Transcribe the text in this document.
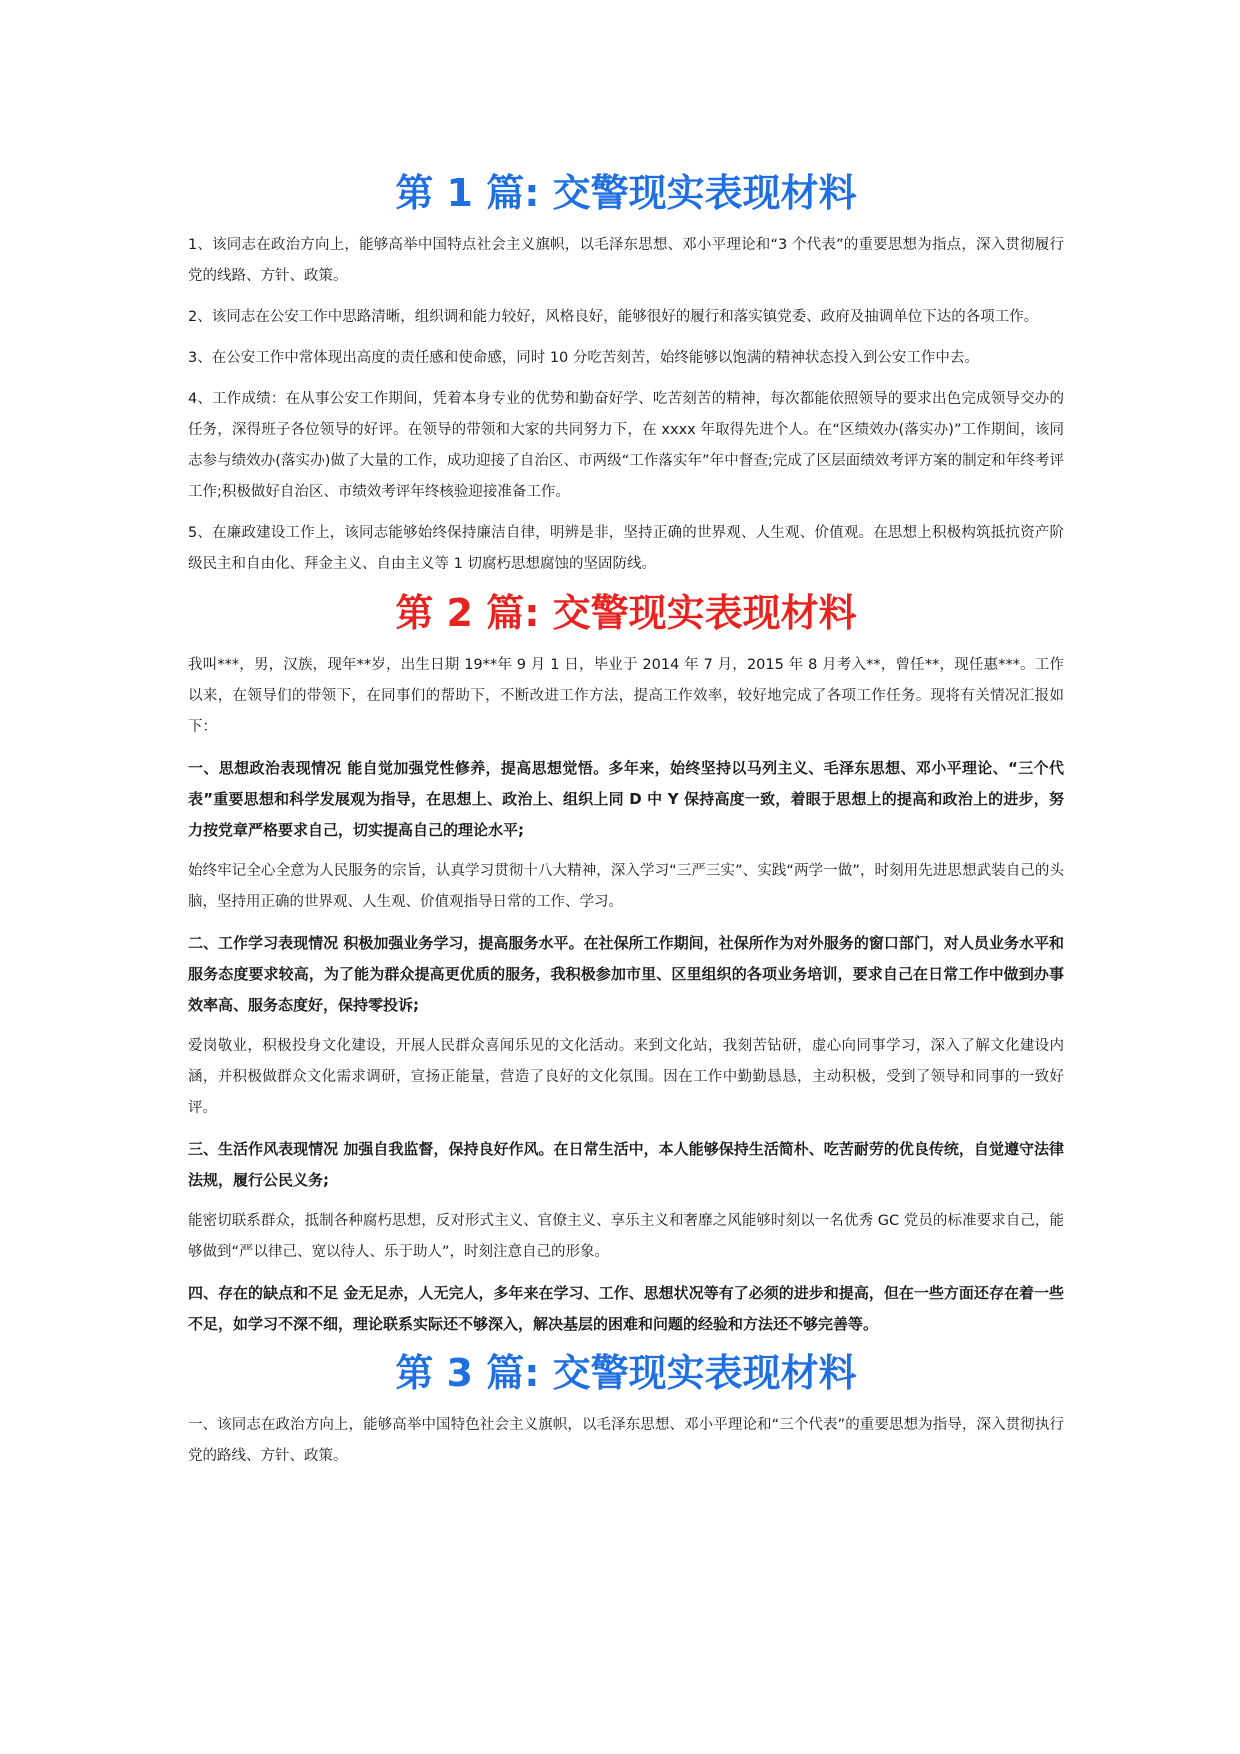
第 1 篇: 交警现实表现材料

1、该同志在政治方向上，能够高举中国特点社会主义旗帜，以毛泽东思想、邓小平理论和“3 个代表”的重要思想为指点，深入贯彻履行党的线路、方针、政策。

2、该同志在公安工作中思路清晰，组织调和能力较好，风格良好，能够很好的履行和落实镇党委、政府及抽调单位下达的各项工作。

3、在公安工作中常体现出高度的责任感和使命感，同时 10 分吃苦刻苦，始终能够以饱满的精神状态投入到公安工作中去。

4、工作成绩：在从事公安工作期间，凭着本身专业的优势和勤奋好学、吃苦刻苦的精神，每次都能依照领导的要求出色完成领导交办的任务，深得班子各位领导的好评。在领导的带领和大家的共同努力下，在 xxxx 年取得先进个人。在“区绩效办(落实办)”工作期间，该同志参与绩效办(落实办)做了大量的工作，成功迎接了自治区、市两级“工作落实年”年中督查;完成了区层面绩效考评方案的制定和年终考评工作;积极做好自治区、市绩效考评年终核验迎接准备工作。

5、在廉政建设工作上，该同志能够始终保持廉洁自律，明辨是非，坚持正确的世界观、人生观、价值观。在思想上积极构筑抵抗资产阶级民主和自由化、拜金主义、自由主义等 1 切腐朽思想腐蚀的坚固防线。

第 2 篇: 交警现实表现材料

我叫***，男，汉族，现年**岁，出生日期 19**年 9 月 1 日，毕业于 2014 年 7 月，2015 年 8 月考入**，曾任**，现任惠***。工作以来，在领导们的带领下，在同事们的帮助下，不断改进工作方法，提高工作效率，较好地完成了各项工作任务。现将有关情况汇报如下：

一、思想政治表现情况 能自觉加强党性修养，提高思想觉悟。多年来，始终坚持以马列主义、毛泽东思想、邓小平理论、“三个代表”重要思想和科学发展观为指导，在思想上、政治上、组织上同 D 中 Y 保持高度一致，着眼于思想上的提高和政治上的进步，努力按党章严格要求自己，切实提高自己的理论水平;

始终牢记全心全意为人民服务的宗旨，认真学习贯彻十八大精神，深入学习“三严三实”、实践“两学一做”，时刻用先进思想武装自己的头脑，坚持用正确的世界观、人生观、价值观指导日常的工作、学习。

二、工作学习表现情况 积极加强业务学习，提高服务水平。在社保所工作期间，社保所作为对外服务的窗口部门，对人员业务水平和服务态度要求较高，为了能为群众提高更优质的服务，我积极参加市里、区里组织的各项业务培训，要求自己在日常工作中做到办事效率高、服务态度好，保持零投诉;

爱岗敬业，积极投身文化建设，开展人民群众喜闻乐见的文化活动。来到文化站，我刻苦钻研，虚心向同事学习，深入了解文化建设内涵，并积极做群众文化需求调研，宣扬正能量，营造了良好的文化氛围。因在工作中勤勤恳恳，主动积极，受到了领导和同事的一致好评。

三、生活作风表现情况 加强自我监督，保持良好作风。在日常生活中，本人能够保持生活简朴、吃苦耐劳的优良传统，自觉遵守法律法规，履行公民义务;

能密切联系群众，抵制各种腐朽思想，反对形式主义、官僚主义、享乐主义和奢靡之风能够时刻以一名优秀 GC 党员的标准要求自己，能够做到“严以律己、宽以待人、乐于助人”，时刻注意自己的形象。

四、存在的缺点和不足 金无足赤，人无完人，多年来在学习、工作、思想状况等有了必须的进步和提高，但在一些方面还存在着一些不足，如学习不深不细，理论联系实际还不够深入，解决基层的困难和问题的经验和方法还不够完善等。

第 3 篇: 交警现实表现材料

一、该同志在政治方向上，能够高举中国特色社会主义旗帜，以毛泽东思想、邓小平理论和“三个代表”的重要思想为指导，深入贯彻执行党的路线、方针、政策。
